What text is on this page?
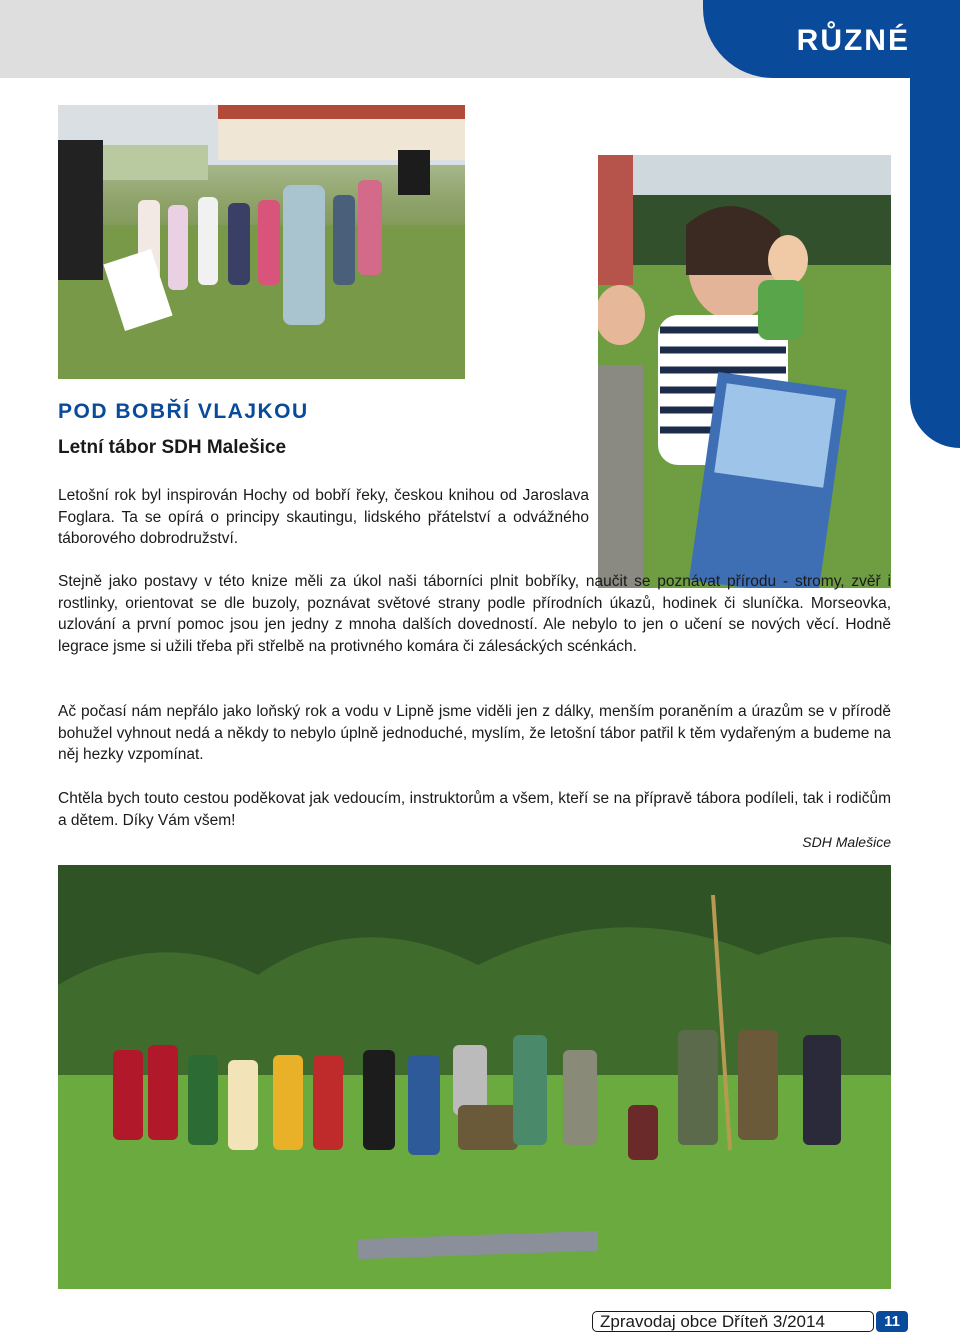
RŮZNÉ
POD BOBŘÍ VLAJKOU
Letní tábor SDH Malešice

Letošní rok byl inspirován Hochy od bobří řeky, českou knihou od Jaroslava Foglara. Ta se opírá o principy skautingu, lidského přátelství a odvážného táborového dobrodružství.

Stejně jako postavy v této knize měli za úkol naši táborníci plnit bobříky, naučit se poznávat přírodu - stromy, zvěř i rostlinky, orientovat se dle buzoly, poznávat světové strany podle přírodních úkazů, hodinek či sluníčka. Morseovka, uzlování a první pomoc jsou jen jedny z mnoha dalších dovedností. Ale nebylo to jen o učení se nových věcí. Hodně legrace jsme si užili třeba při střelbě na protivného komára či zálesáckých scénkách.

Ač počasí nám nepřálo jako loňský rok a vodu v Lipně jsme viděli jen z dálky, menším poraněním a úrazům se v přírodě bohužel vyhnout nedá a někdy to nebylo úplně jednoduché, myslím, že letošní tábor patřil k těm vydařeným a budeme na něj hezky vzpomínat.

Chtěla bych touto cestou poděkovat jak vedoucím, instruktorům a všem, kteří se na přípravě tábora podíleli, tak i rodičům a dětem. Díky Vám všem!

SDH Malešice
Zpravodaj obce Dříteň 3/2014	11
